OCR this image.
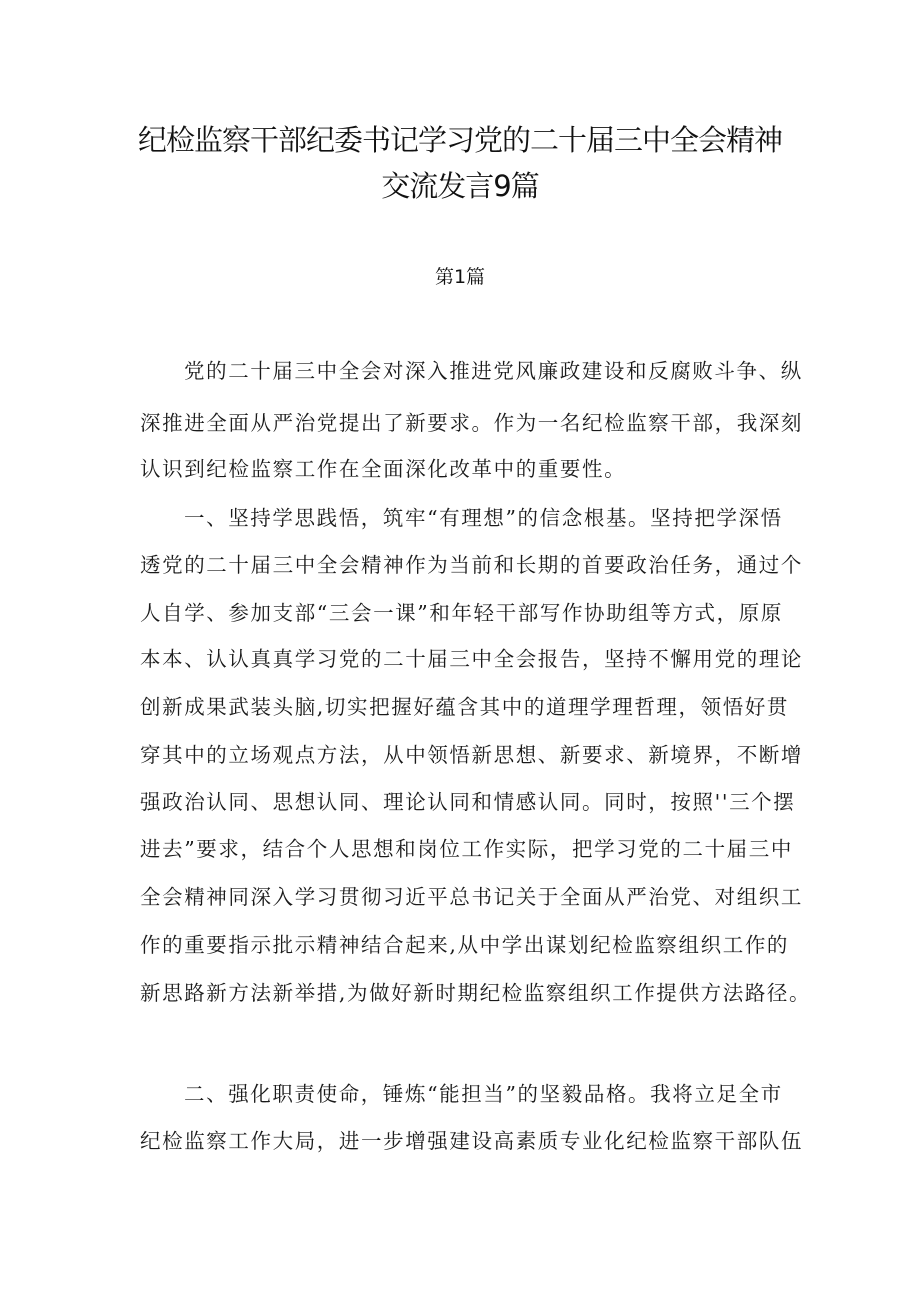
纪检监察干部纪委书记学习党的二十届三中全会精神
交流发言9篇
第1篇
党的二十届三中全会对深入推进党风廉政建设和反腐败斗争、纵
深推进全面从严治党提出了新要求。作为一名纪检监察干部，我深刻
认识到纪检监察工作在全面深化改革中的重要性。
一、坚持学思践悟，筑牢“有理想”的信念根基。坚持把学深悟
透党的二十届三中全会精神作为当前和长期的首要政治任务，通过个
人自学、参加支部“三会一课”和年轻干部写作协助组等方式，原原
本本、认认真真学习党的二十届三中全会报告，坚持不懈用党的理论
创新成果武装头脑,切实把握好蕴含其中的道理学理哲理，领悟好贯
穿其中的立场观点方法，从中领悟新思想、新要求、新境界，不断增
强政治认同、思想认同、理论认同和情感认同。同时，按照''三个摆
进去”要求，结合个人思想和岗位工作实际，把学习党的二十届三中
全会精神同深入学习贯彻习近平总书记关于全面从严治党、对组织工
作的重要指示批示精神结合起来,从中学出谋划纪检监察组织工作的
新思路新方法新举措,为做好新时期纪检监察组织工作提供方法路径。
二、强化职责使命，锤炼“能担当”的坚毅品格。我将立足全市
纪检监察工作大局，进一步增强建设高素质专业化纪检监察干部队伍
